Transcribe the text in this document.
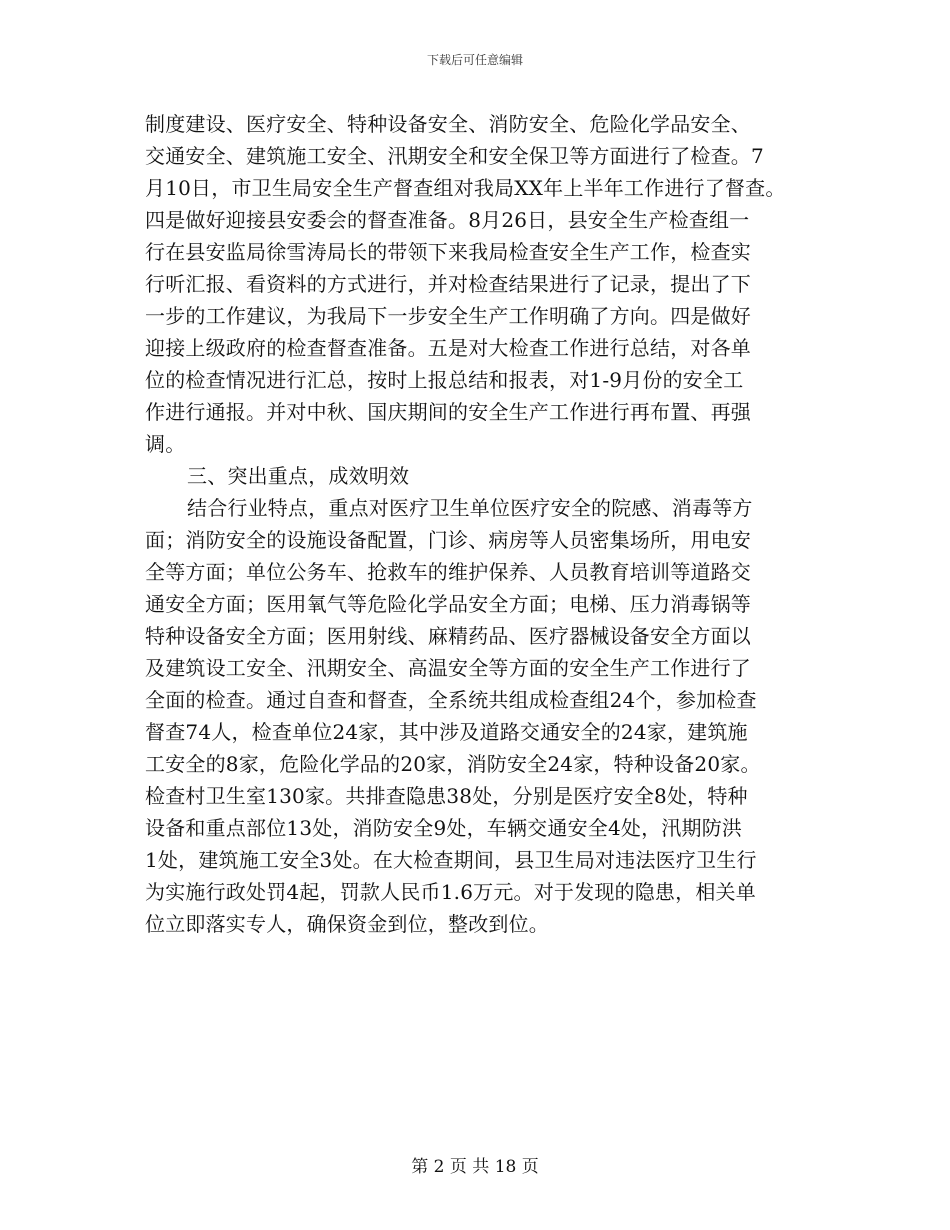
下载后可任意编辑
制度建设、医疗安全、特种设备安全、消防安全、危险化学品安全、
交通安全、建筑施工安全、汛期安全和安全保卫等方面进行了检查。7
月10日，市卫生局安全生产督查组对我局XX年上半年工作进行了督查。
四是做好迎接县安委会的督查准备。8月26日，县安全生产检查组一
行在县安监局徐雪涛局长的带领下来我局检查安全生产工作，检查实
行听汇报、看资料的方式进行，并对检查结果进行了记录，提出了下
一步的工作建议，为我局下一步安全生产工作明确了方向。四是做好
迎接上级政府的检查督查准备。五是对大检查工作进行总结，对各单
位的检查情况进行汇总，按时上报总结和报表，对1-9月份的安全工
作进行通报。并对中秋、国庆期间的安全生产工作进行再布置、再强
调。
三、突出重点，成效明效
结合行业特点，重点对医疗卫生单位医疗安全的院感、消毒等方
面；消防安全的设施设备配置，门诊、病房等人员密集场所，用电安
全等方面；单位公务车、抢救车的维护保养、人员教育培训等道路交
通安全方面；医用氧气等危险化学品安全方面；电梯、压力消毒锅等
特种设备安全方面；医用射线、麻精药品、医疗器械设备安全方面以
及建筑设工安全、汛期安全、高温安全等方面的安全生产工作进行了
全面的检查。通过自查和督查，全系统共组成检查组24个，参加检查
督查74人，检查单位24家，其中涉及道路交通安全的24家，建筑施
工安全的8家，危险化学品的20家，消防安全24家，特种设备20家。
检查村卫生室130家。共排查隐患38处，分别是医疗安全8处，特种
设备和重点部位13处，消防安全9处，车辆交通安全4处，汛期防洪
1处，建筑施工安全3处。在大检查期间，县卫生局对违法医疗卫生行
为实施行政处罚4起，罚款人民币1.6万元。对于发现的隐患，相关单
位立即落实专人，确保资金到位，整改到位。
第 2 页 共 18 页
